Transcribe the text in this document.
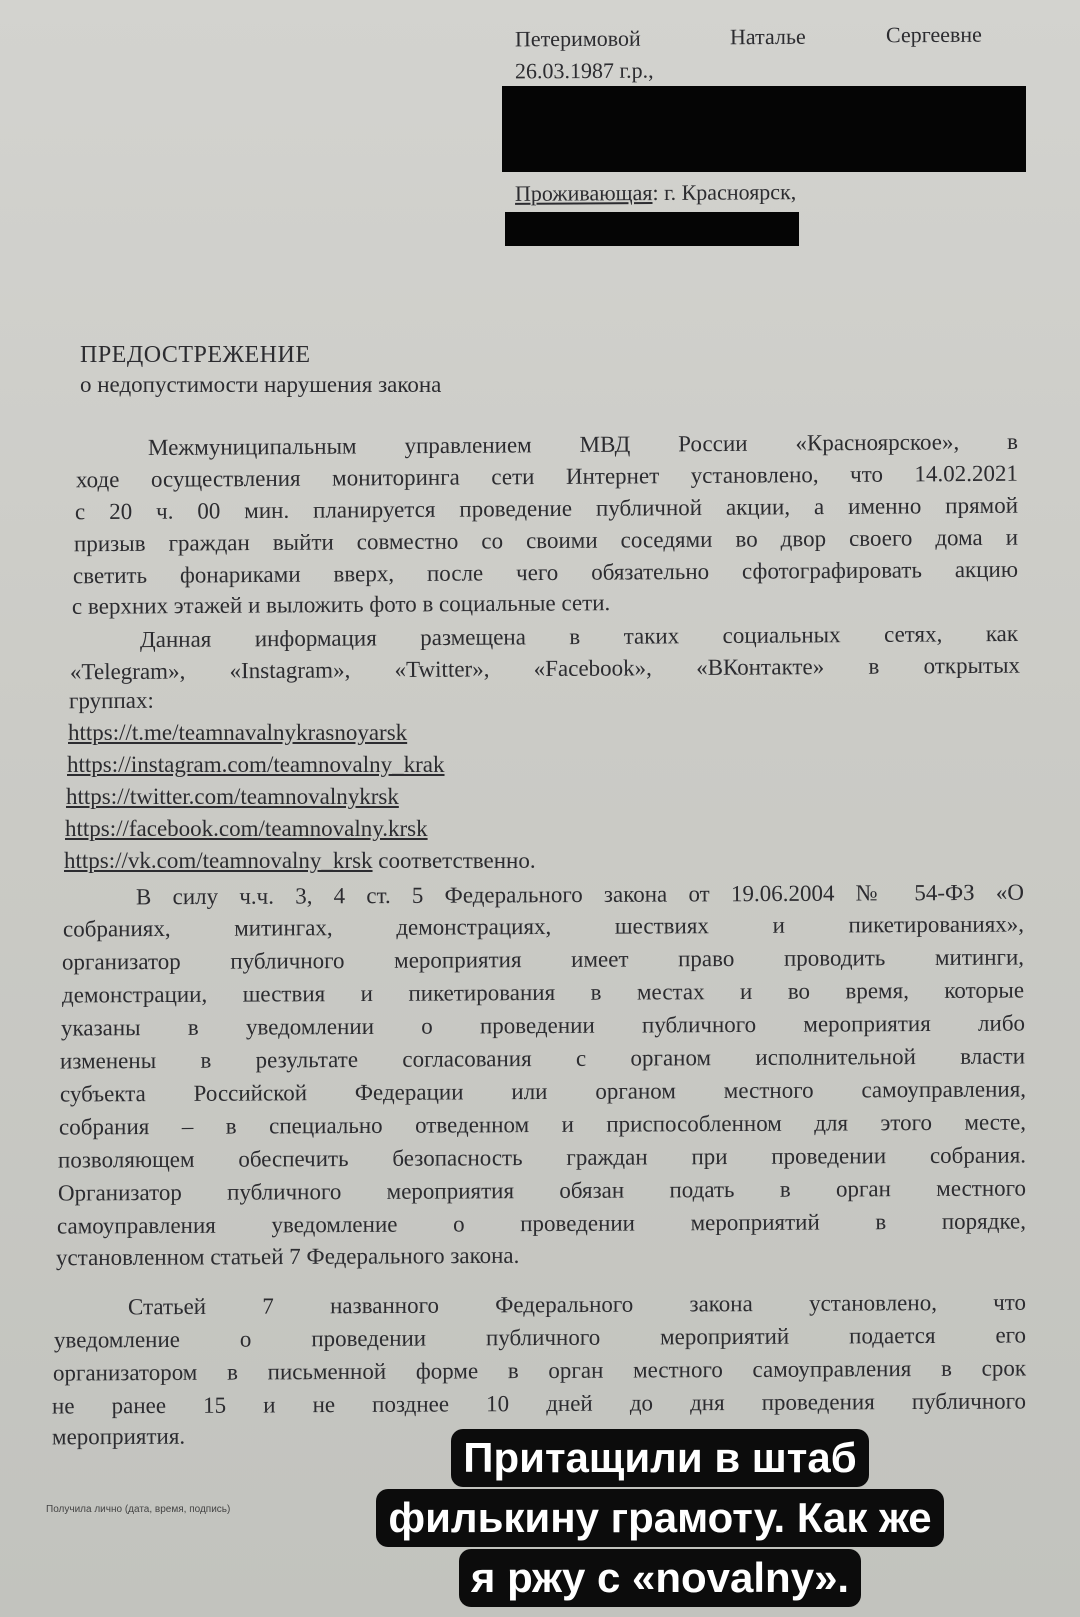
Петеримовой	Наталье	Сергеевне
26.03.1987 г.р.,
Проживающая: г. Красноярск,
ПРЕДОСТРЕЖЕНИЕ
о недопустимости нарушения закона
Межмуниципальным управлением МВД России «Красноярское», в
ходе осуществления мониторинга сети Интернет установлено, что 14.02.2021
с 20 ч. 00 мин. планируется проведение публичной акции, а именно прямой
призыв граждан выйти совместно со своими соседями во двор своего дома и
светить фонариками вверх, после чего обязательно сфотографировать акцию
с верхних этажей и выложить фото в социальные сети.
Данная информация размещена в таких социальных сетях, как
«Telegram», «Instagram», «Twitter», «Facebook», «ВКонтакте» в открытых
группах:
https://t.me/teamnavalnykrasnoyarsk
https://instagram.com/teamnovalny_krak
https://twitter.com/teamnovalnykrsk
https://facebook.com/teamnovalny.krsk
https://vk.com/teamnovalny_krsk соответственно.
В силу ч.ч. 3, 4 ст. 5 Федерального закона от 19.06.2004 № 54-ФЗ «О
собраниях, митингах, демонстрациях, шествиях и пикетированиях»,
организатор публичного мероприятия имеет право проводить митинги,
демонстрации, шествия и пикетирования в местах и во время, которые
указаны в уведомлении о проведении публичного мероприятия либо
изменены в результате согласования с органом исполнительной власти
субъекта Российской Федерации или органом местного самоуправления,
собрания – в специально отведенном и приспособленном для этого месте,
позволяющем обеспечить безопасность граждан при проведении собрания.
Организатор публичного мероприятия обязан подать в орган местного
самоуправления уведомление о проведении мероприятий в порядке,
установленном статьей 7 Федерального закона.
Статьей 7 названного Федерального закона установлено, что
уведомление о проведении публичного мероприятий подается его
организатором в письменной форме в орган местного самоуправления в срок
не ранее 15 и не позднее 10 дней до дня проведения публичного
мероприятия.
Получила лично (дата, время, подпись)
Притащили в штаб
филькину грамоту. Как же
я ржу с «novalny».
